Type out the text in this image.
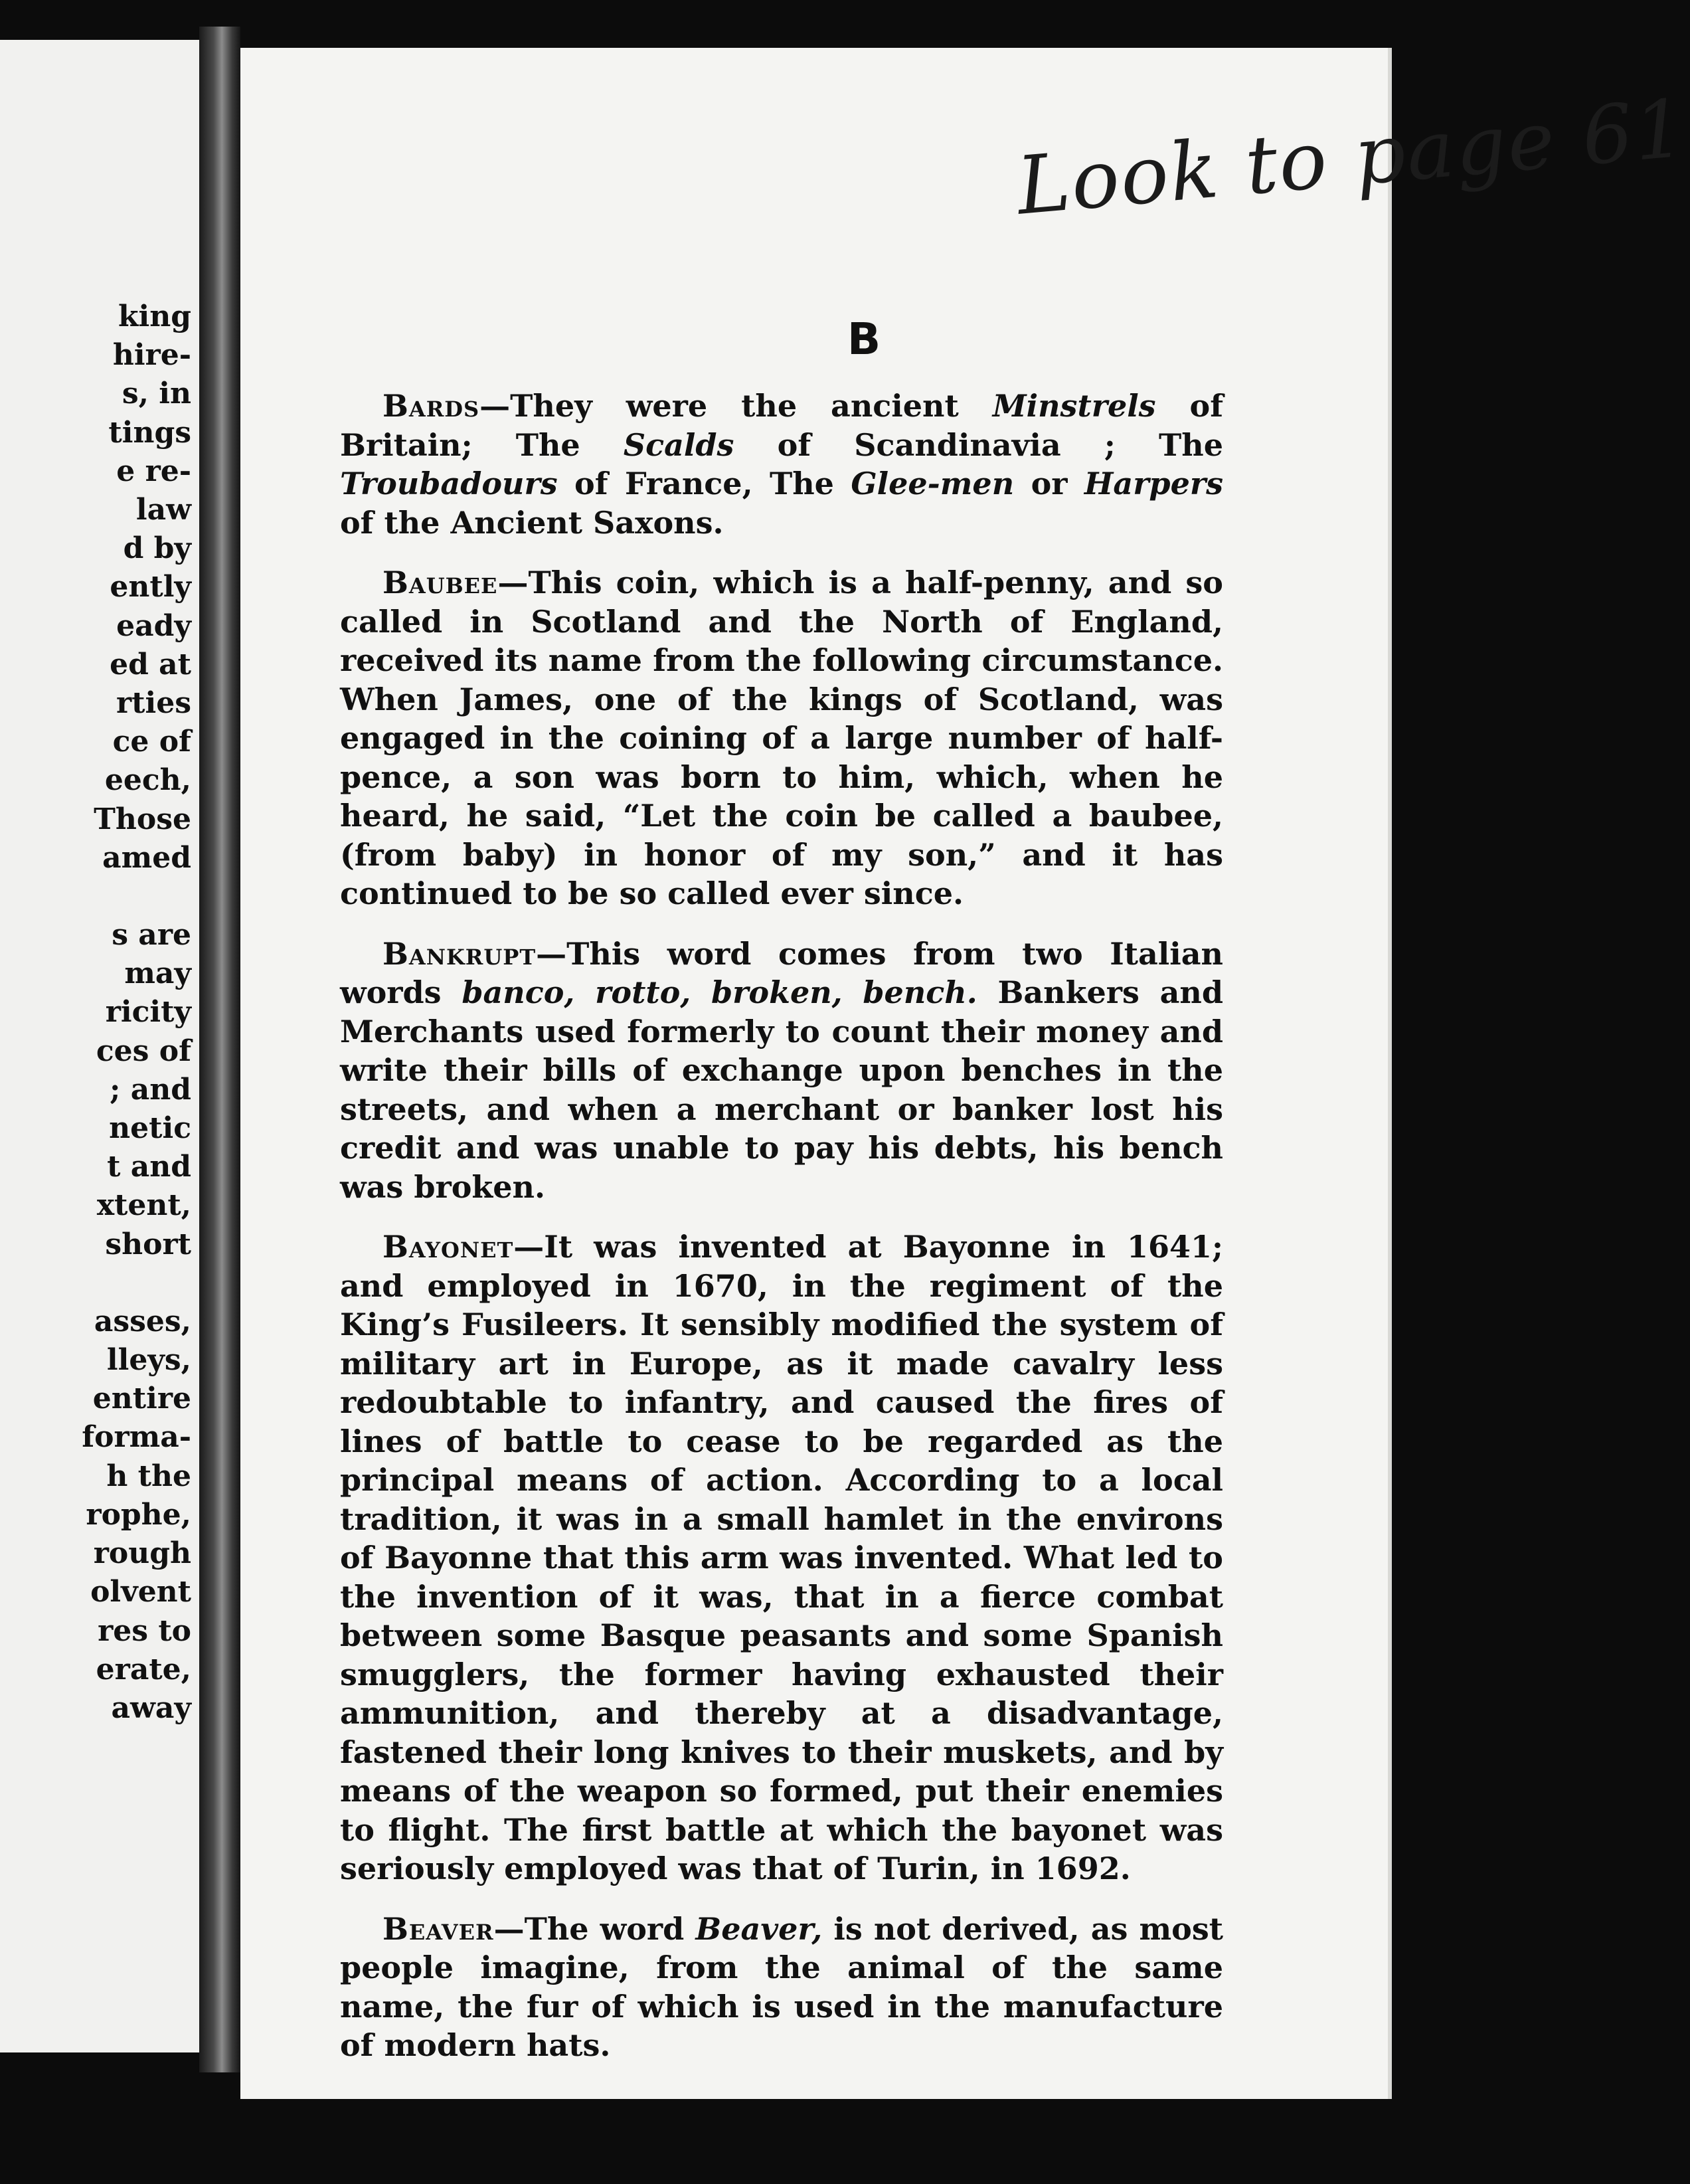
king
hire-
s, in
tings
e re-
law
d by
ently
eady
ed at
rties
ce of
eech,
Those
amed
s are
may
ricity
ces of
; and
netic
t and
xtent,
short
asses,
lleys,
entire
forma-
h the
rophe,
rough
olvent
res to
erate,
away
Look to page 61
B

Bards—They were the ancient Minstrels of Britain; The Scalds of Scandinavia ; The Troubadours of France, The Glee-men or Harpers of the Ancient Saxons.

Baubee—This coin, which is a half-penny, and so called in Scotland and the North of England, received its name from the following circumstance. When James, one of the kings of Scotland, was engaged in the coining of a large number of half-pence, a son was born to him, which, when he heard, he said, “Let the coin be called a baubee, (from baby) in honor of my son,” and it has continued to be so called ever since.

Bankrupt—This word comes from two Italian words banco, rotto, broken, bench. Bankers and Merchants used formerly to count their money and write their bills of exchange upon benches in the streets, and when a merchant or banker lost his credit and was unable to pay his debts, his bench was broken.

Bayonet—It was invented at Bayonne in 1641; and employed in 1670, in the regiment of the King’s Fusileers. It sensibly modified the system of military art in Europe, as it made cavalry less redoubtable to infantry, and caused the fires of lines of battle to cease to be regarded as the principal means of action. According to a local tradition, it was in a small hamlet in the environs of Bayonne that this arm was invented. What led to the invention of it was, that in a fierce combat between some Basque peasants and some Spanish smugglers, the former having exhausted their ammunition, and thereby at a disadvantage, fastened their long knives to their muskets, and by means of the weapon so formed, put their enemies to flight. The first battle at which the bayonet was seriously employed was that of Turin, in 1692.

Beaver—The word Beaver, is not derived, as most people imagine, from the animal of the same name, the fur of which is used in the manufacture of modern hats.
